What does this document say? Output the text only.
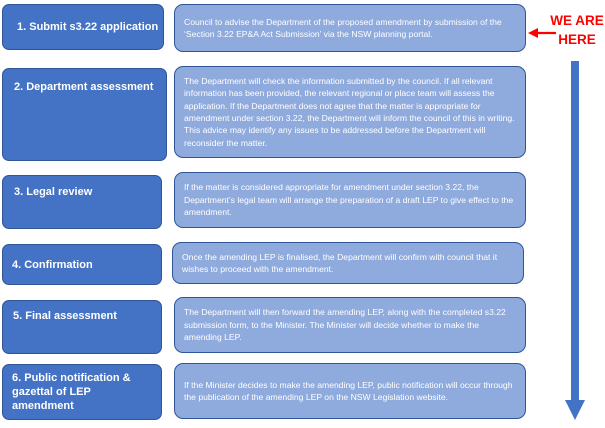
1. Submit s3.22 application
2. Department assessment
3. Legal review
4. Confirmation
5. Final assessment
6. Public notification & gazettal of LEP amendment
Council to advise the Department of the proposed amendment by submission of the ‘Section 3.22 EP&A Act Submission’ via the NSW planning portal.
The Department will check the information submitted by the council. If all relevant information has been provided, the relevant regional or place team will assess the application. If the Department does not agree that the matter is appropriate for amendment under section 3.22, the Department will inform the council of this in writing. This advice may identify any issues to be addressed before the Department will reconsider the matter.
If the matter is considered appropriate for amendment under section 3.22, the Department’s legal team will arrange the preparation of a draft LEP to give effect to the amendment.
Once the amending LEP is finalised, the Department will confirm with council that it wishes to proceed with the amendment.
The Department will then forward the amending LEP, along with the completed s3.22 submission form, to the Minister. The Minister will decide whether to make the amending LEP.
If the Minister decides to make the amending LEP, public notification will occur through the publication of the amending LEP on the NSW Legislation website.
WE ARE
HERE
